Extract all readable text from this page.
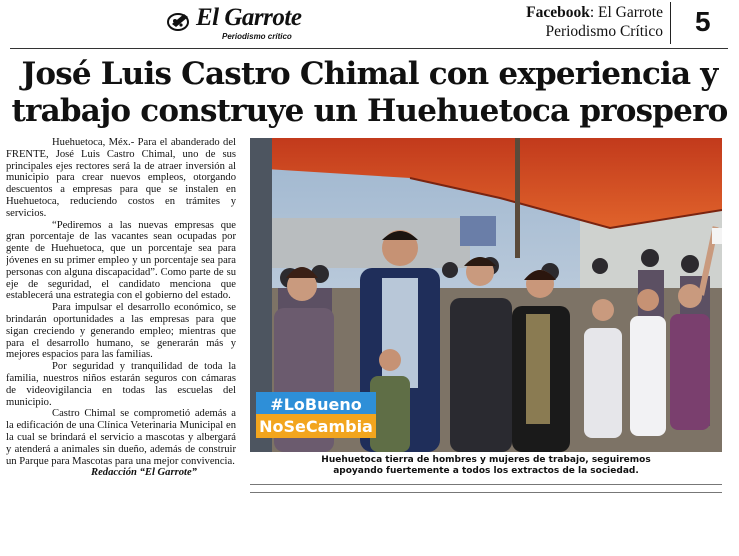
El Garrote
Periodismo crítico
Facebook: El Garrote
Periodismo Crítico 5
José Luis Castro Chimal con experiencia y
trabajo construye un Huehuetoca prospero

Huehuetoca, Méx.- Para el abanderado del FRENTE, José Luis Castro Chimal, uno de sus principales ejes rectores será la de atraer inversión al municipio para crear nuevos empleos, otorgando descuentos a empresas para que se instalen en Huehuetoca, reduciendo costos en trámites y servicios.

“Pediremos a las nuevas empresas que gran porcentaje de las vacantes sean ocupadas por gente de Huehuetoca, que un porcentaje sea para jóvenes en su primer empleo y un porcentaje sea para personas con alguna discapacidad”. Como parte de su eje de seguridad, el candidato menciona que establecerá una estrategia con el gobierno del estado.

Para impulsar el desarrollo económico, se brindarán oportunidades a las empresas para que sigan creciendo y generando empleo; mientras que para el desarrollo humano, se generarán más y mejores espacios para las familias.

Por seguridad y tranquilidad de toda la familia, nuestros niños estarán seguros con cámaras de videovigilancia en todas las escuelas del municipio.

Castro Chimal se comprometió además a la edificación de una Clínica Veterinaria Municipal en la cual se brindará el servicio a mascotas y albergará y atenderá a animales sin dueño, además de construir un Parque para Mascotas para una mejor convivencia.

Redacción “El Garrote”

#LoBueno
NoSeCambia
Huehuetoca tierra de hombres y mujeres de trabajo, seguiremos
apoyando fuertemente a todos los extractos de la sociedad.
